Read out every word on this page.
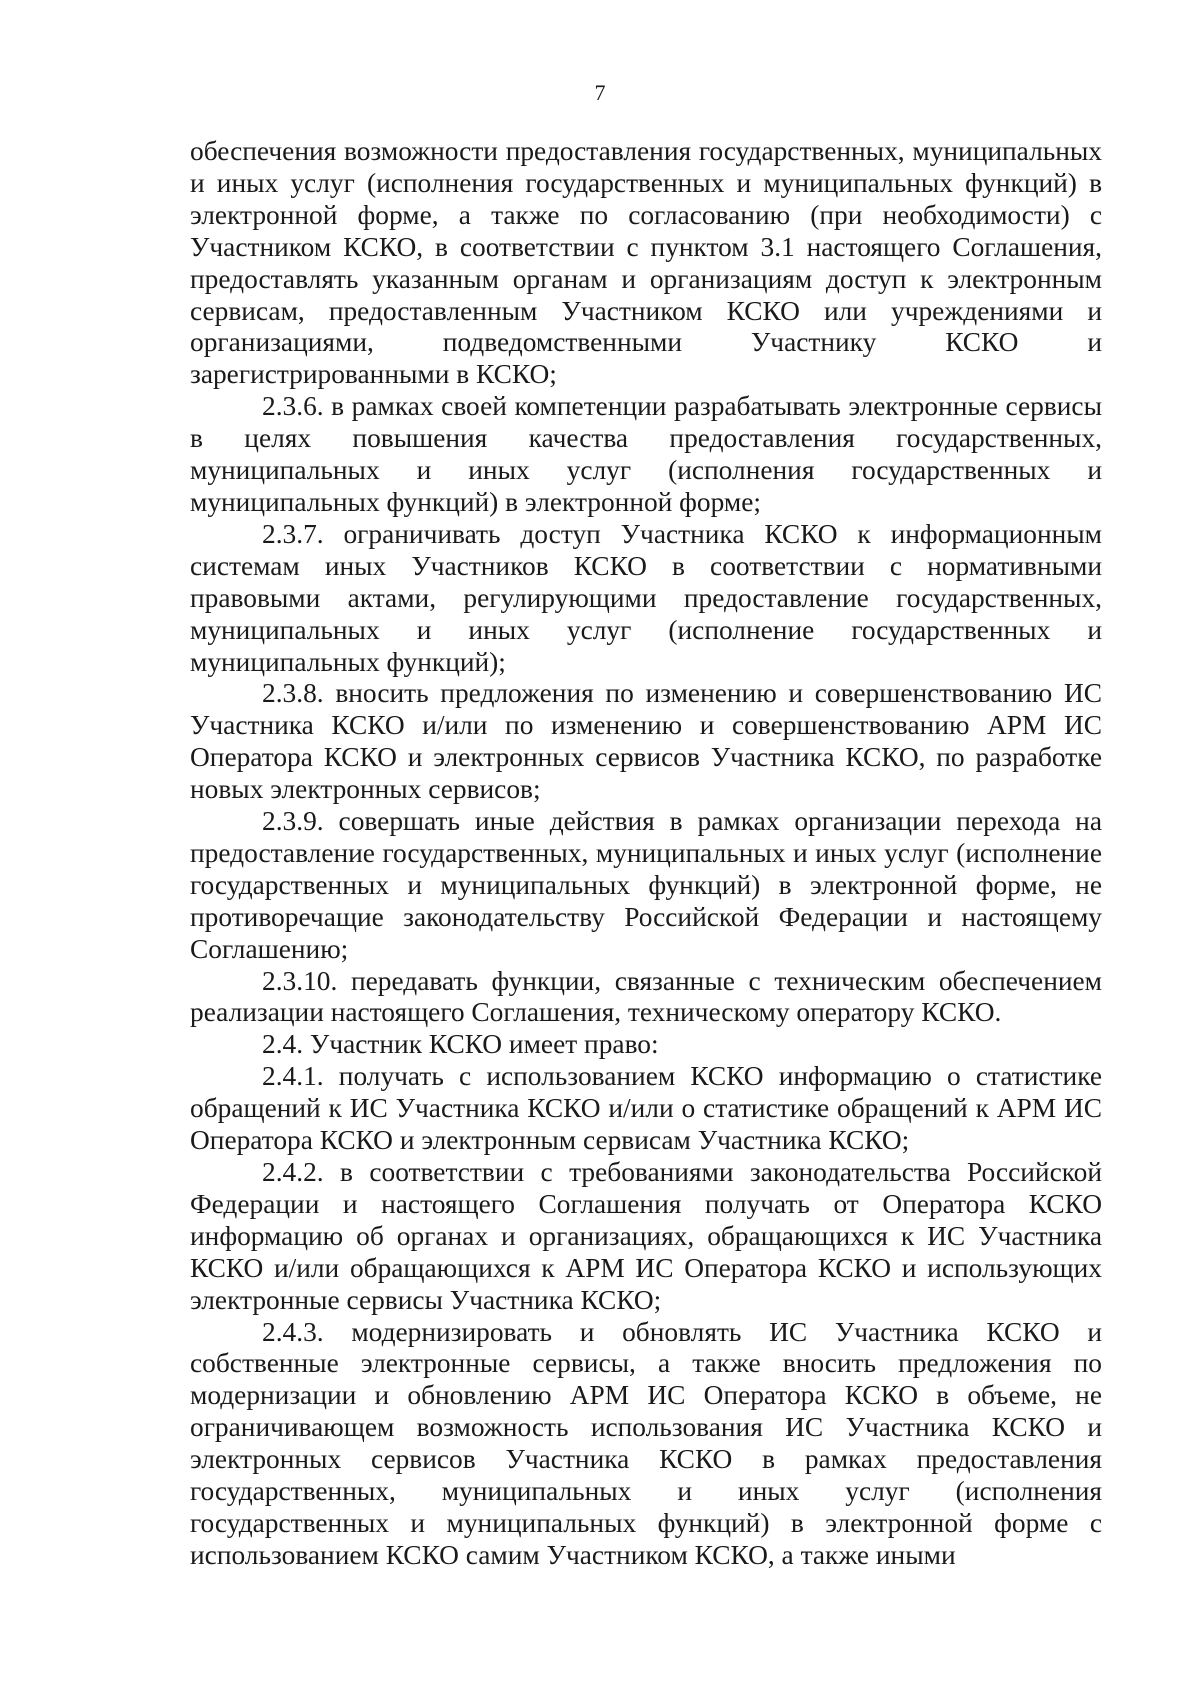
7

обеспечения возможности предоставления государственных, муниципальных и иных услуг (исполнения государственных и муниципальных функций) в электронной форме, а также по согласованию (при необходимости) с Участником КСКО, в соответствии с пунктом 3.1 настоящего Соглашения, предоставлять указанным органам и организациям доступ к электронным сервисам, предоставленным Участником КСКО или учреждениями и организациями, подведомственными Участнику КСКО и зарегистрированными в КСКО;

2.3.6. в рамках своей компетенции разрабатывать электронные сервисы в целях повышения качества предоставления государственных, муниципальных и иных услуг (исполнения государственных и муниципальных функций) в электронной форме;

2.3.7. ограничивать доступ Участника КСКО к информационным системам иных Участников КСКО в соответствии с нормативными правовыми актами, регулирующими предоставление государственных, муниципальных и иных услуг (исполнение государственных и муниципальных функций);

2.3.8. вносить предложения по изменению и совершенствованию ИС Участника КСКО и/или по изменению и совершенствованию АРМ ИС Оператора КСКО и электронных сервисов Участника КСКО, по разработке новых электронных сервисов;

2.3.9. совершать иные действия в рамках организации перехода на предоставление государственных, муниципальных и иных услуг (исполнение государственных и муниципальных функций) в электронной форме, не противоречащие законодательству Российской Федерации и настоящему Соглашению;

2.3.10. передавать функции, связанные с техническим обеспечением реализации настоящего Соглашения, техническому оператору КСКО.

2.4. Участник КСКО имеет право:

2.4.1. получать с использованием КСКО информацию о статистике обращений к ИС Участника КСКО и/или о статистике обращений к АРМ ИС Оператора КСКО и электронным сервисам Участника КСКО;

2.4.2. в соответствии с требованиями законодательства Российской Федерации и настоящего Соглашения получать от Оператора КСКО информацию об органах и организациях, обращающихся к ИС Участника КСКО и/или обращающихся к АРМ ИС Оператора КСКО и использующих электронные сервисы Участника КСКО;

2.4.3. модернизировать и обновлять ИС Участника КСКО и собственные электронные сервисы, а также вносить предложения по модернизации и обновлению АРМ ИС Оператора КСКО в объеме, не ограничивающем возможность использования ИС Участника КСКО и электронных сервисов Участника КСКО в рамках предоставления государственных, муниципальных и иных услуг (исполнения государственных и муниципальных функций) в электронной форме с использованием КСКО самим Участником КСКО, а также иными
